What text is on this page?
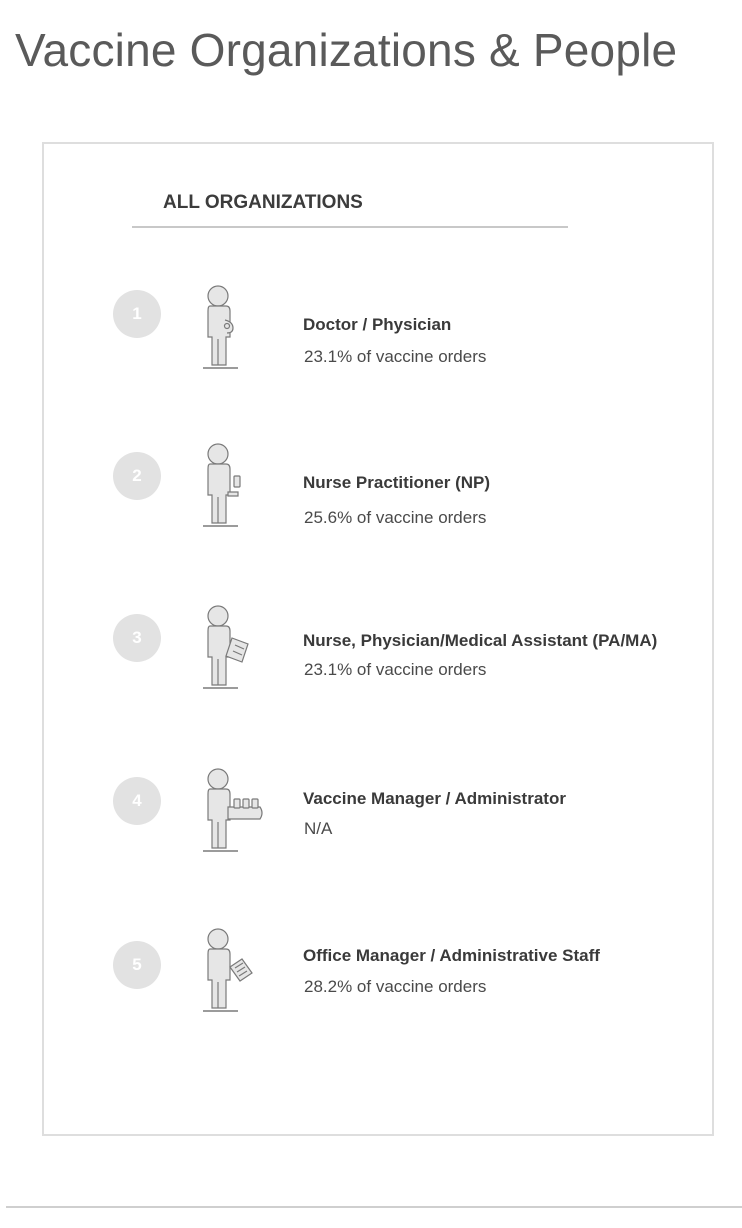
Vaccine Organizations & People
ALL ORGANIZATIONS
1
Doctor / Physician
23.1% of vaccine orders
2	Nurse Practitioner (NP)
25.6% of vaccine orders
3	Nurse, Physician/Medical Assistant (PA/MA)
23.1% of vaccine orders
4	Vaccine Manager / Administrator
N/A
5	Office Manager / Administrative Staff
28.2% of vaccine orders
